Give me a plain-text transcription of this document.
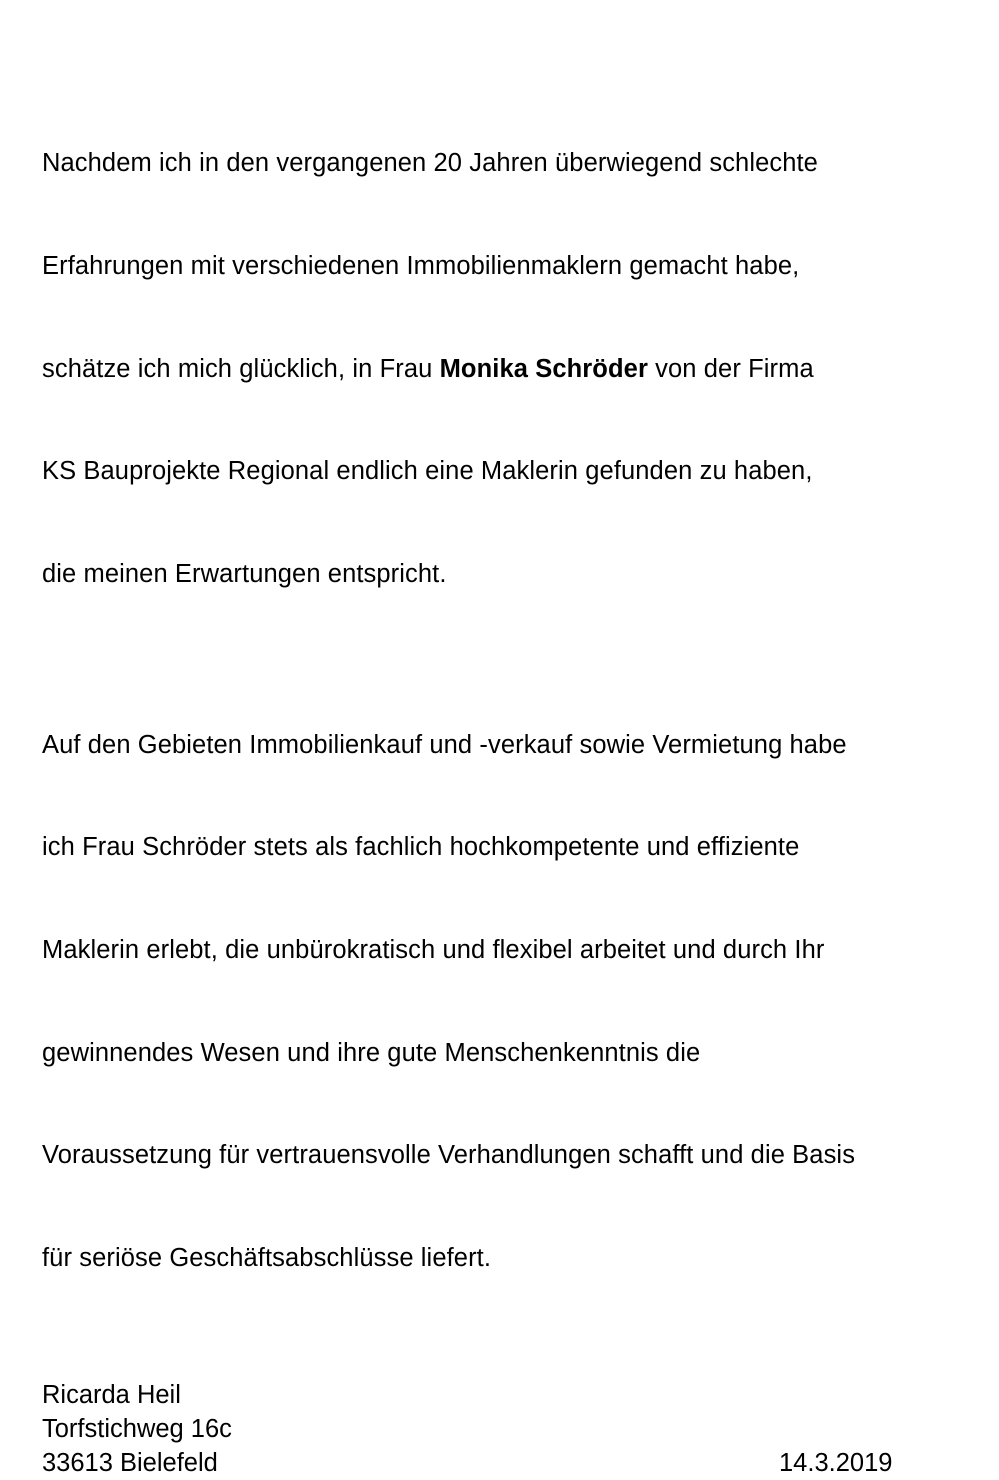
Nachdem ich in den vergangenen 20 Jahren überwiegend schlechte

Erfahrungen mit verschiedenen Immobilienmaklern gemacht habe,

schätze ich mich glücklich, in Frau Monika Schröder von der Firma

KS Bauprojekte Regional endlich eine Maklerin gefunden zu haben,

die meinen Erwartungen entspricht.

Auf den Gebieten Immobilienkauf und -verkauf sowie Vermietung habe

ich Frau Schröder stets als fachlich hochkompetente und effiziente

Maklerin erlebt, die unbürokratisch und flexibel arbeitet und durch Ihr

gewinnendes Wesen und ihre gute Menschenkenntnis die

Voraussetzung für vertrauensvolle Verhandlungen schafft und die Basis

für seriöse Geschäftsabschlüsse liefert.

Ricarda Heil
Torfstichweg 16c
33613 Bielefeld	14.3.2019
